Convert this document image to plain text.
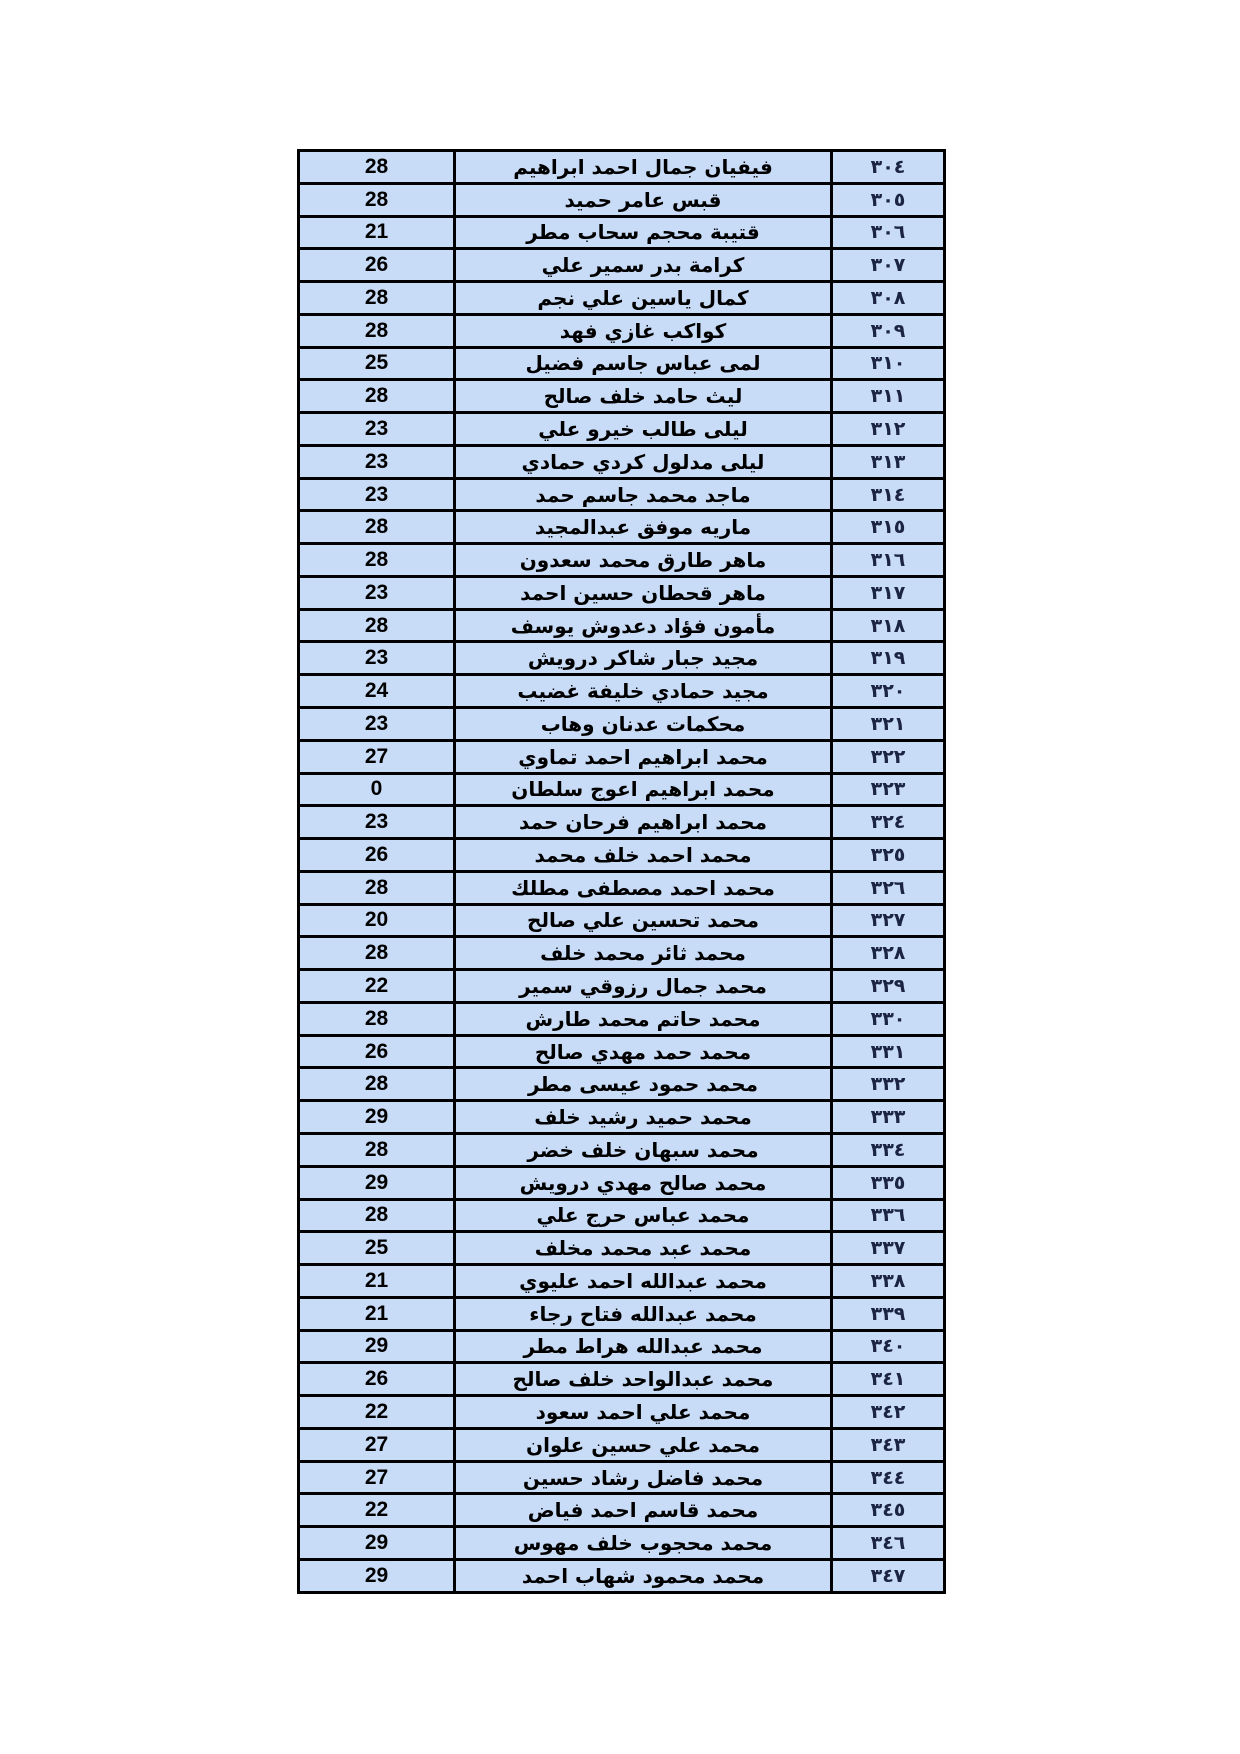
٣٠٤	فيفيان جمال احمد ابراهيم	28
٣٠٥	قبس عامر حميد	28
٣٠٦	قتيبة محجم سحاب مطر	21
٣٠٧	كرامة بدر سمير علي	26
٣٠٨	كمال ياسين علي نجم	28
٣٠٩	كواكب غازي فهد	28
٣١٠	لمى عباس جاسم فضيل	25
٣١١	ليث حامد خلف صالح	28
٣١٢	ليلى طالب خيرو علي	23
٣١٣	ليلى مدلول كردي حمادي	23
٣١٤	ماجد محمد جاسم حمد	23
٣١٥	ماريه موفق عبدالمجيد	28
٣١٦	ماهر طارق محمد سعدون	28
٣١٧	ماهر قحطان حسين احمد	23
٣١٨	مأمون فؤاد دعدوش يوسف	28
٣١٩	مجيد جبار شاكر درويش	23
٣٢٠	مجيد حمادي خليفة غضيب	24
٣٢١	محكمات عدنان وهاب	23
٣٢٢	محمد ابراهيم احمد تماوي	27
٣٢٣	محمد ابراهيم اعوج سلطان	0
٣٢٤	محمد ابراهيم فرحان حمد	23
٣٢٥	محمد احمد خلف محمد	26
٣٢٦	محمد احمد مصطفى مطلك	28
٣٢٧	محمد تحسين علي صالح	20
٣٢٨	محمد ثائر محمد خلف	28
٣٢٩	محمد جمال رزوقي سمير	22
٣٣٠	محمد حاتم محمد طارش	28
٣٣١	محمد حمد مهدي صالح	26
٣٣٢	محمد حمود عيسى مطر	28
٣٣٣	محمد حميد رشيد خلف	29
٣٣٤	محمد سبهان خلف خضر	28
٣٣٥	محمد صالح مهدي درويش	29
٣٣٦	محمد عباس حرج علي	28
٣٣٧	محمد عبد محمد مخلف	25
٣٣٨	محمد عبدالله احمد عليوي	21
٣٣٩	محمد عبدالله فتاح رجاء	21
٣٤٠	محمد عبدالله هراط مطر	29
٣٤١	محمد عبدالواحد خلف صالح	26
٣٤٢	محمد علي احمد سعود	22
٣٤٣	محمد علي حسين علوان	27
٣٤٤	محمد فاضل رشاد حسين	27
٣٤٥	محمد قاسم احمد فياض	22
٣٤٦	محمد محجوب خلف مهوس	29
٣٤٧	محمد محمود شهاب احمد	29
